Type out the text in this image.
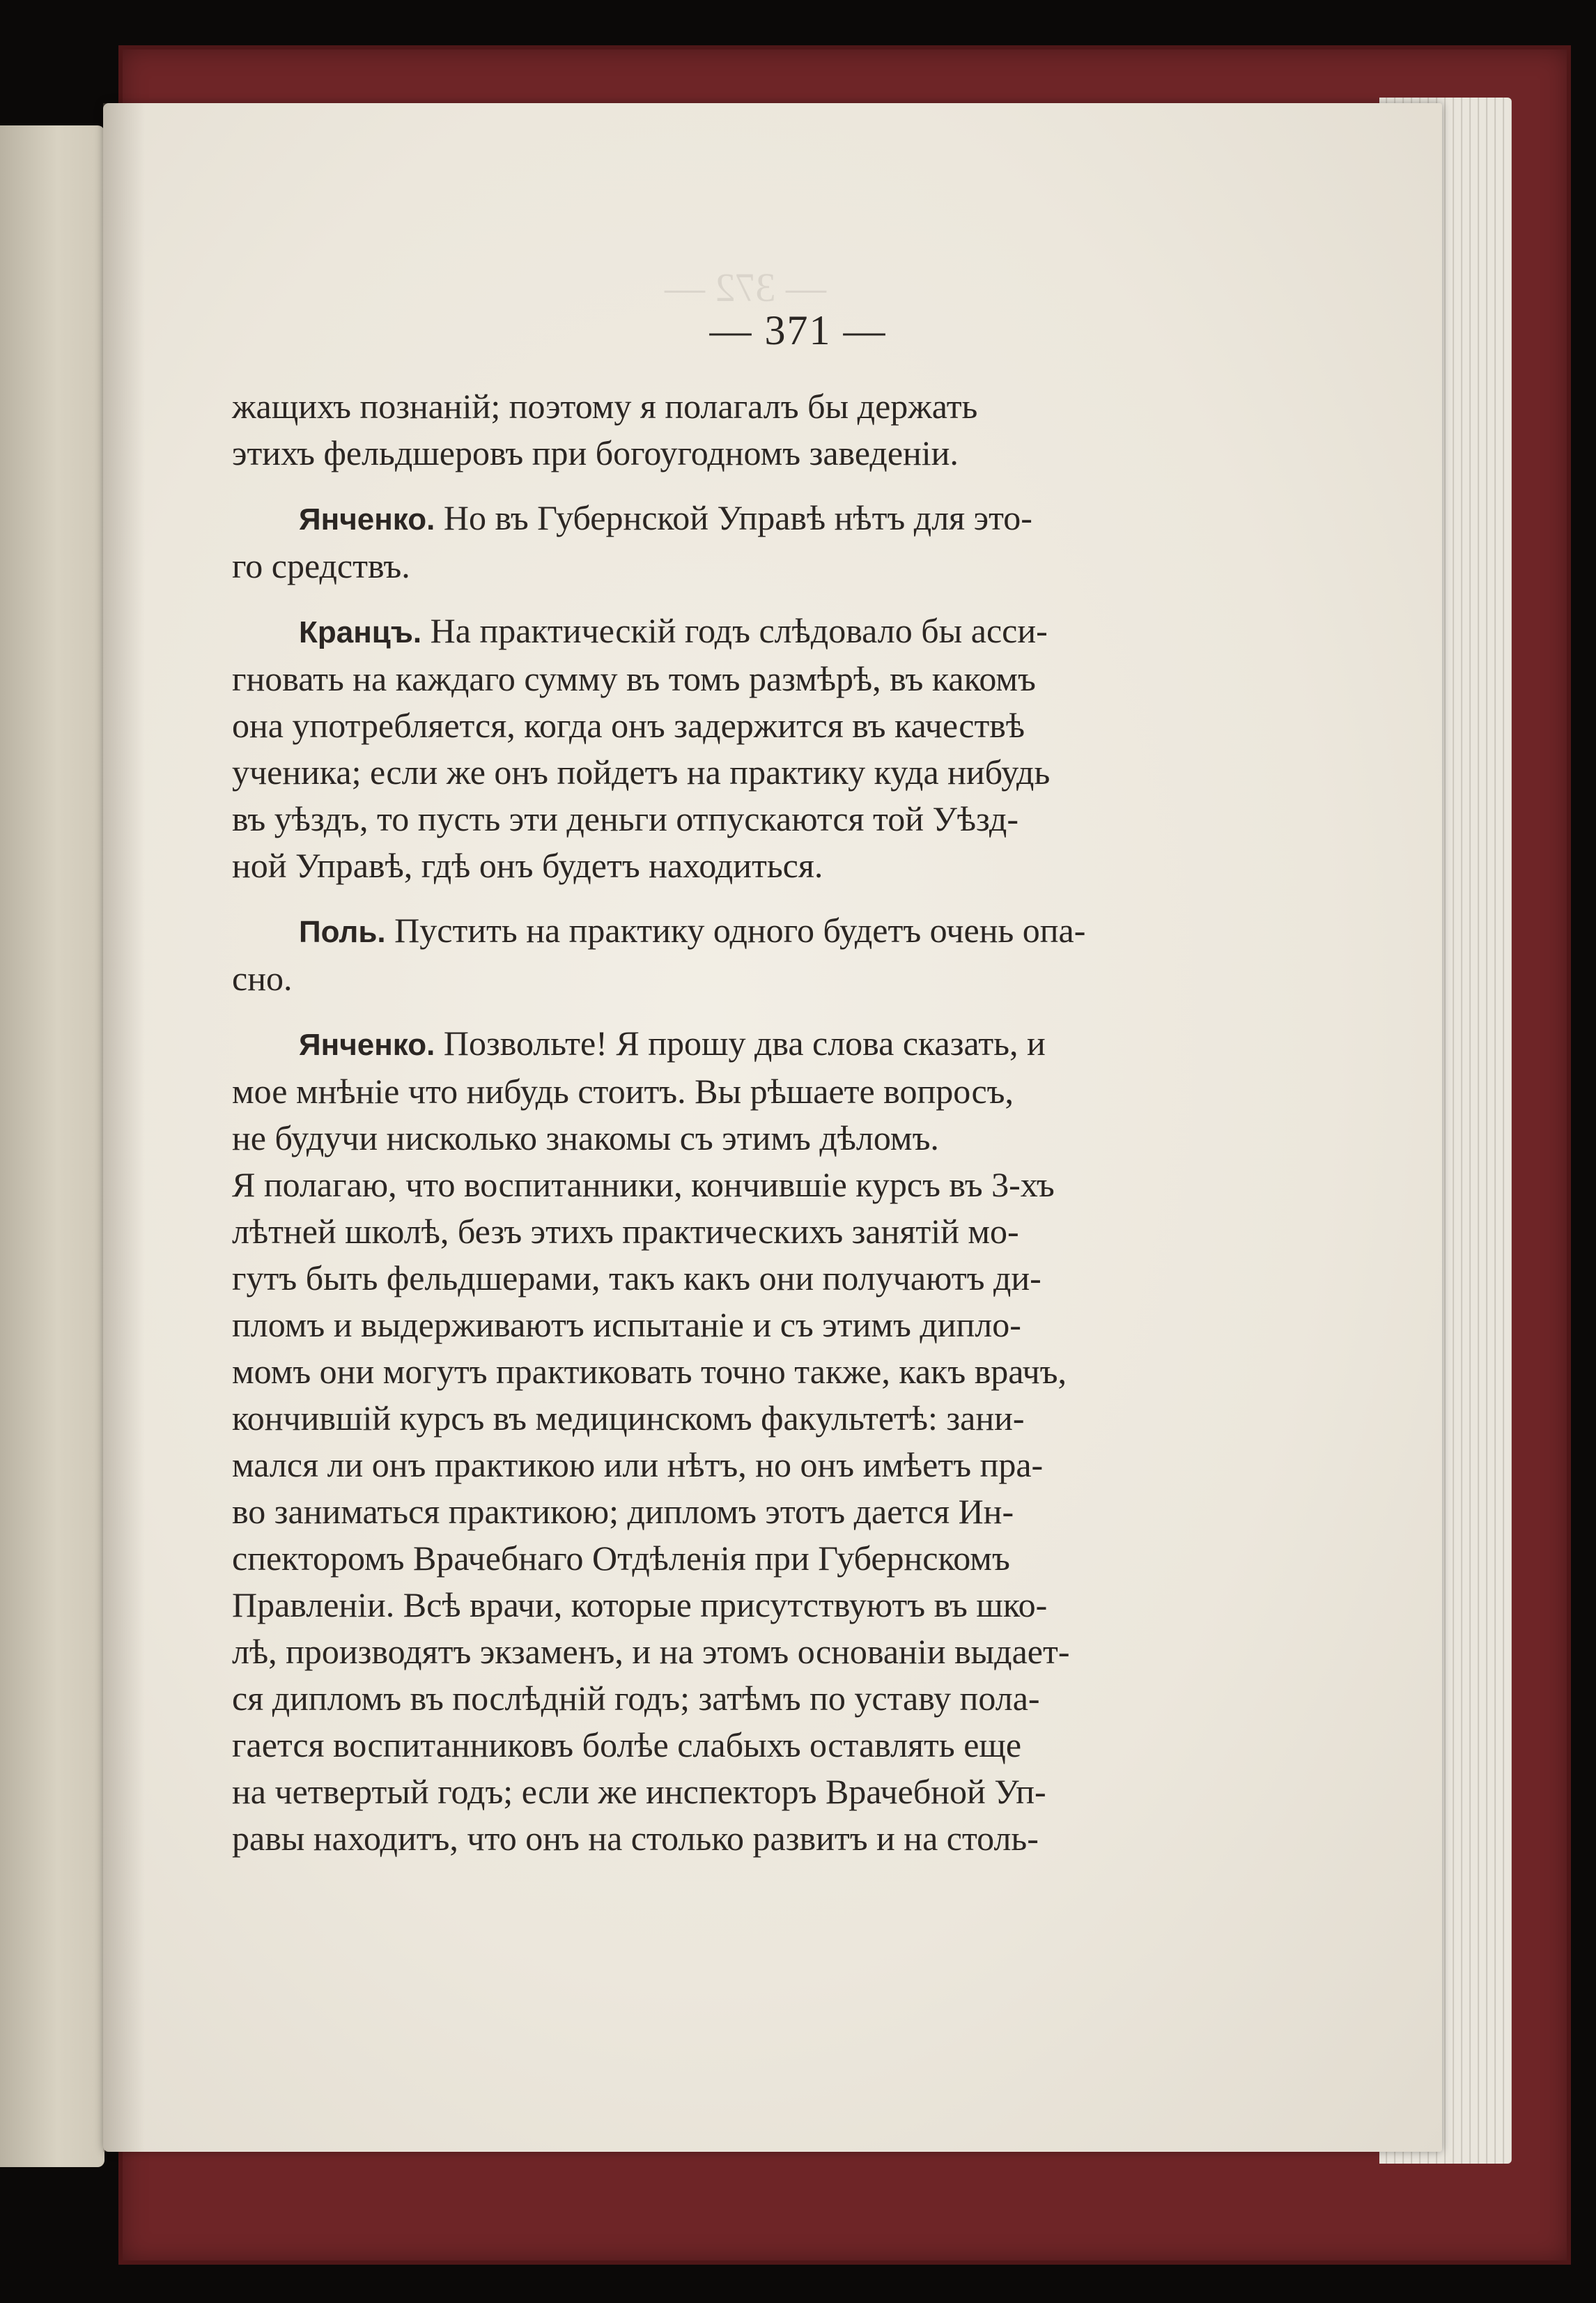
— 371 —

жащихъ познаній; поэтому я полагалъ бы держать
этихъ фельдшеровъ при богоугодномъ заведеніи.

Янченко. Но въ Губернской Управѣ нѣтъ для это-

го средствъ.

Кранцъ. На практическій годъ слѣдовало бы асси-

гновать на каждаго сумму въ томъ размѣрѣ, въ какомъ
она употребляется, когда онъ задержится въ качествѣ
ученика; если же онъ пойдетъ на практику куда нибудь
въ уѣздъ, то пусть эти деньги отпускаются той Уѣзд-
ной Управѣ, гдѣ онъ будетъ находиться.

Поль. Пустить на практику одного будетъ очень опа-

сно.

Янченко. Позвольте! Я прошу два слова сказать, и

мое мнѣніе что нибудь стоитъ. Вы рѣшаете вопросъ,
не будучи нисколько знакомы съ этимъ дѣломъ.
Я полагаю, что воспитанники, кончившіе курсъ въ 3-хъ
лѣтней школѣ, безъ этихъ практическихъ занятій мо-
гутъ быть фельдшерами, такъ какъ они получаютъ ди-
пломъ и выдерживаютъ испытаніе и съ этимъ дипло-
момъ они могутъ практиковать точно также, какъ врачъ,
кончившій курсъ въ медицинскомъ факультетѣ: зани-
мался ли онъ практикою или нѣтъ, но онъ имѣетъ пра-
во заниматься практикою; дипломъ этотъ дается Ин-
спекторомъ Врачебнаго Отдѣленія при Губернскомъ
Правленіи. Всѣ врачи, которые присутствуютъ въ шко-
лѣ, производятъ экзаменъ, и на этомъ основаніи выдает-
ся дипломъ въ послѣдній годъ; затѣмъ по уставу пола-
гается воспитанниковъ болѣе слабыхъ оставлять еще
на четвертый годъ; если же инспекторъ Врачебной Уп-
равы находитъ, что онъ на столько развитъ и на столь-
